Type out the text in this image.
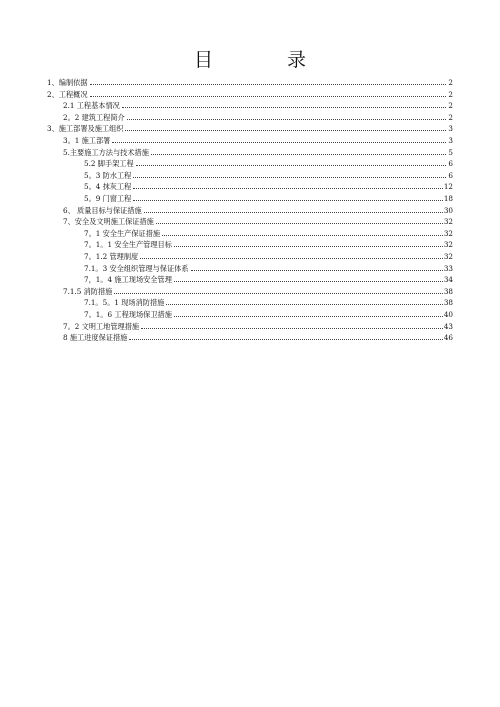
目 录
1、编制依据	2
2、工程概况	2
2.1 工程基本情况	2
2。2 建筑工程简介	2
3、施工部署及施工组织	3
3。1 施工部署	3
5.主要施工方法与技术措施	5
5.2 脚手架工程	6
5。3 防水工程	6
5。4 抹灰工程	12
5。9 门窗工程	18
6、 质量目标与保证措施	30
7、安全及文明施工保证措施	32
7。1 安全生产保证措施	32
7。1。1 安全生产管理目标	32
7。1.2 管理制度	32
7.1。3 安全组织管理与保证体系	33
7，1。4 施工现场安全管理	34
7.1.5 消防措施	38
7.1。5。1 现场消防措施	38
7。1。6 工程现场保卫措施	40
7。2 文明工地管理措施	43
8 施工进度保证措施	46
